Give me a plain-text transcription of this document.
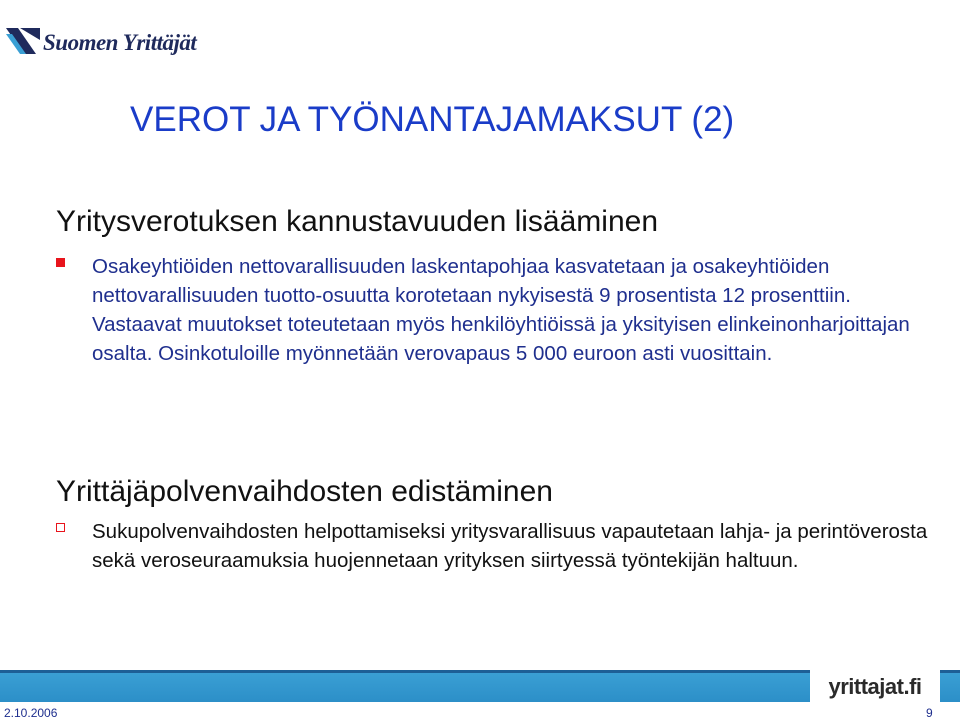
Suomen Yrittäjät
VEROT JA TYÖNANTAJAMAKSUT (2)
Yritysverotuksen kannustavuuden lisääminen
Osakeyhtiöiden nettovarallisuuden laskentapohjaa kasvatetaan ja osakeyhtiöiden nettovarallisuuden tuotto-osuutta korotetaan nykyisestä 9 prosentista 12 prosenttiin. Vastaavat muutokset toteutetaan myös henkilöyhtiöissä ja yksityisen elinkeinonharjoittajan osalta. Osinkotuloille myönnetään verovapaus 5 000 euroon asti vuosittain.
Yrittäjäpolvenvaihdosten edistäminen
Sukupolvenvaihdosten helpottamiseksi yritysvarallisuus vapautetaan lahja- ja perintöverosta sekä veroseuraamuksia huojennetaan yrityksen siirtyessä työntekijän haltuun.
yrittajat.fi
2.10.2006	9
